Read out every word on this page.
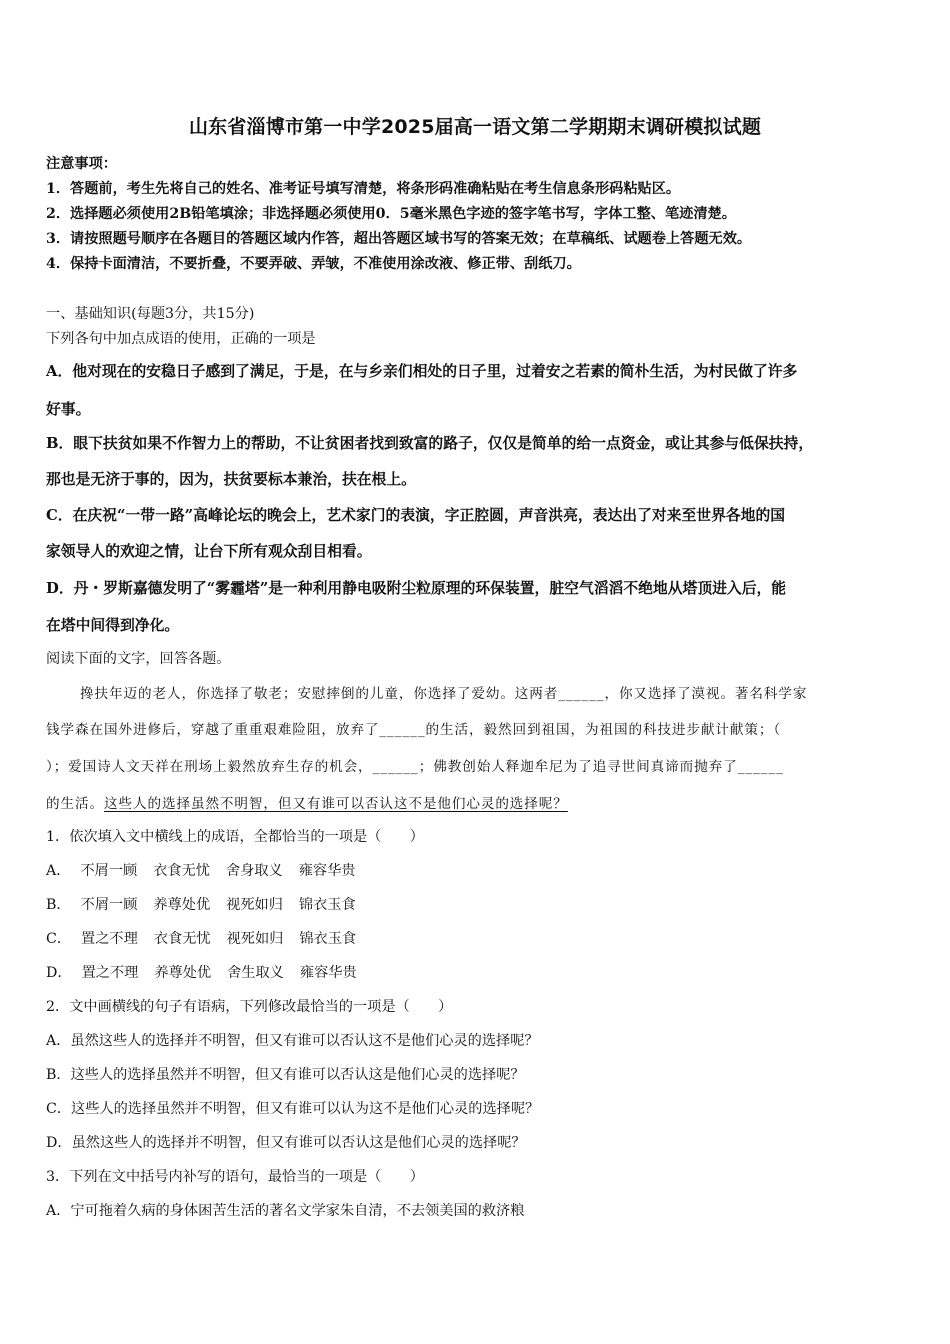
山东省淄博市第一中学2025届高一语文第二学期期末调研模拟试题
注意事项：
1．答题前，考生先将自己的姓名、准考证号填写清楚，将条形码准确粘贴在考生信息条形码粘贴区。
2．选择题必须使用2B铅笔填涂；非选择题必须使用0．5毫米黑色字迹的签字笔书写，字体工整、笔迹清楚。
3．请按照题号顺序在各题目的答题区域内作答，超出答题区域书写的答案无效；在草稿纸、试题卷上答题无效。
4．保持卡面清洁，不要折叠，不要弄破、弄皱，不准使用涂改液、修正带、刮纸刀。
一、基础知识(每题3分，共15分)
下列各句中加点成语的使用，正确的一项是
A．他对现在的安稳日子感到了满足，于是，在与乡亲们相处的日子里，过着安之若素的简朴生活，为村民做了许多
好事。
B．眼下扶贫如果不作智力上的帮助，不让贫困者找到致富的路子，仅仅是简单的给一点资金，或让其参与低保扶持，
那也是无济于事的，因为，扶贫要标本兼治，扶在根上。
C．在庆祝“一带一路”高峰论坛的晚会上，艺术家门的表演，字正腔圆，声音洪亮，表达出了对来至世界各地的国
家领导人的欢迎之情，让台下所有观众刮目相看。
D．丹・罗斯嘉德发明了“雾霾塔”是一种利用静电吸附尘粒原理的环保装置，脏空气滔滔不绝地从塔顶进入后，能
在塔中间得到净化。
阅读下面的文字，回答各题。
搀扶年迈的老人，你选择了敬老；安慰摔倒的儿童，你选择了爱幼。这两者______，你又选择了漠视。著名科学家
钱学森在国外进修后，穿越了重重艰难险阻，放弃了______的生活，毅然回到祖国，为祖国的科技进步献计献策；（
）；爱国诗人文天祥在刑场上毅然放弃生存的机会，______；佛教创始人释迦牟尼为了追寻世间真谛而抛弃了______
的生活。这些人的选择虽然不明智，但又有谁可以否认这不是他们心灵的选择呢？
1．依次填入文中横线上的成语，全都恰当的一项是（　　）
A． 不屑一顾 衣食无忧 舍身取义 雍容华贵
B． 不屑一顾 养尊处优 视死如归 锦衣玉食
C． 置之不理 衣食无忧 视死如归 锦衣玉食
D． 置之不理 养尊处优 舍生取义 雍容华贵
2．文中画横线的句子有语病，下列修改最恰当的一项是（　　）
A．虽然这些人的选择并不明智，但又有谁可以否认这不是他们心灵的选择呢？
B．这些人的选择虽然并不明智，但又有谁可以否认这是他们心灵的选择呢？
C．这些人的选择虽然并不明智，但又有谁可以认为这不是他们心灵的选择呢？
D．虽然这些人的选择并不明智，但又有谁可以否认这是他们心灵的选择呢？
3．下列在文中括号内补写的语句，最恰当的一项是（　　）
A．宁可拖着久病的身体困苦生活的著名文学家朱自清，不去领美国的救济粮
